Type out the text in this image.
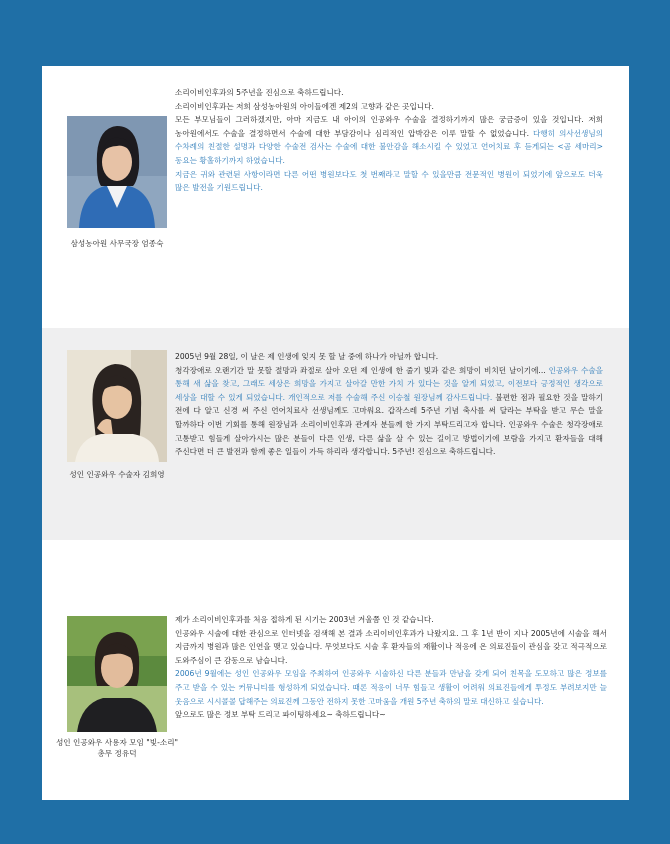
삼성농아원 사무국장 엄종숙

소리이비인후과의 5주년을 진심으로 축하드립니다.

소리이비인후과는 저희 삼성농아원의 아이들에겐 제2의 고향과 같은 곳입니다.

모든 부모님들이 그러하겠지만, 아마 지금도 내 아이의 인공와우 수술을 결정하기까지 많은 궁금증이 있을 것입니다. 저희 농아원에서도 수술을 결정하면서 수술에 대한 부담감이나 심리적인 압박감은 이루 말할 수 없었습니다. 다행히 의사선생님의 수차례의 친절한 설명과 다양한 수술전 검사는 수술에 대한 불안감을 해소시킬 수 있었고 언어치료 후 듣게되는 <곰 세마리> 동요는 황홀하기까지 하였습니다.

지금은 귀와 관련된 사항이라면 다른 어떤 병원보다도 첫 번째라고 말할 수 있을만큼 전문적인 병원이 되었기에 앞으로도 더욱 많은 발전을 기원드립니다.

성인 인공와우 수술자 김희영

2005년 9월 28일, 이 날은 제 인생에 잊지 못 할 날 중에 하나가 아닐까 합니다.

청각장애로 오랜기간 말 못할 절망과 좌절로 살아 오던 제 인생에 한 줄기 빛과 같은 희망이 비치던 날이기에... 인공와우 수술을 통해 새 삶을 찾고, 그래도 세상은 희망을 가지고 살아갈 만한 가치 가 있다는 것을 알게 되었고, 이전보다 긍정적인 생각으로 세상을 대할 수 있게 되었습니다. 개인적으로 저를 수술해 주신 이승철 원장님께 감사드립니다. 불편한 점과 필요한 것을 말하기 전에 다 알고 신경 써 주신 언어치료사 선생님께도 고마워요. 갑작스레 5주년 기념 축사를 써 달라는 부탁을 받고 무슨 말을 할까하다 이번 기회를 통해 원장님과 소리이비인후과 관계자 분들께 한 가지 부탁드리고자 합니다. 인공와우 수술은 청각장애로 고통받고 힘들게 살아가시는 많은 분들이 다른 인생, 다른 삶을 살 수 있는 길이고 방법이기에 보람을 가지고 환자들을 대해 주신다면 더 큰 발전과 함께 좋은 일들이 가득 하리라 생각합니다. 5주년! 진심으로 축하드립니다.

성인 인공와우 사용자 모임 "빛-소리" 총무 정유덕

제가 소리이비인후과를 처음 접하게 된 시기는 2003년 겨울쯤 인 것 같습니다.

인공와우 시술에 대한 관심으로 인터넷을 검색해 본 결과 소리이비인후과가 나왔지요. 그 후 1년 반이 지나 2005년에 시술을 해서 지금까지 병원과 많은 인연을 맺고 있습니다. 무엇보다도 시술 후 환자들의 재활이나 적응에 온 의료진들이 관심을 갖고 적극적으로 도와주심이 큰 감동으로 남습니다.

2006년 9월에는 성인 인공와우 모임을 주최하여 인공와우 시술하신 다른 분들과 만남을 갖게 되어 친목을 도모하고 많은 정보를 주고 받을 수 있는 커뮤니티를 형성하게 되었습니다. 때론 적응이 너무 힘들고 생활이 어려워 의료진들에게 투정도 부려보지만 늘 웃음으로 시시콜콜 답해주는 의료진께 그동안 전하지 못한 고마움을 개원 5주년 축하의 말로 대신하고 싶습니다.

앞으로도 많은 정보 부탁 드리고 파이팅하세요~ 축하드립니다~
